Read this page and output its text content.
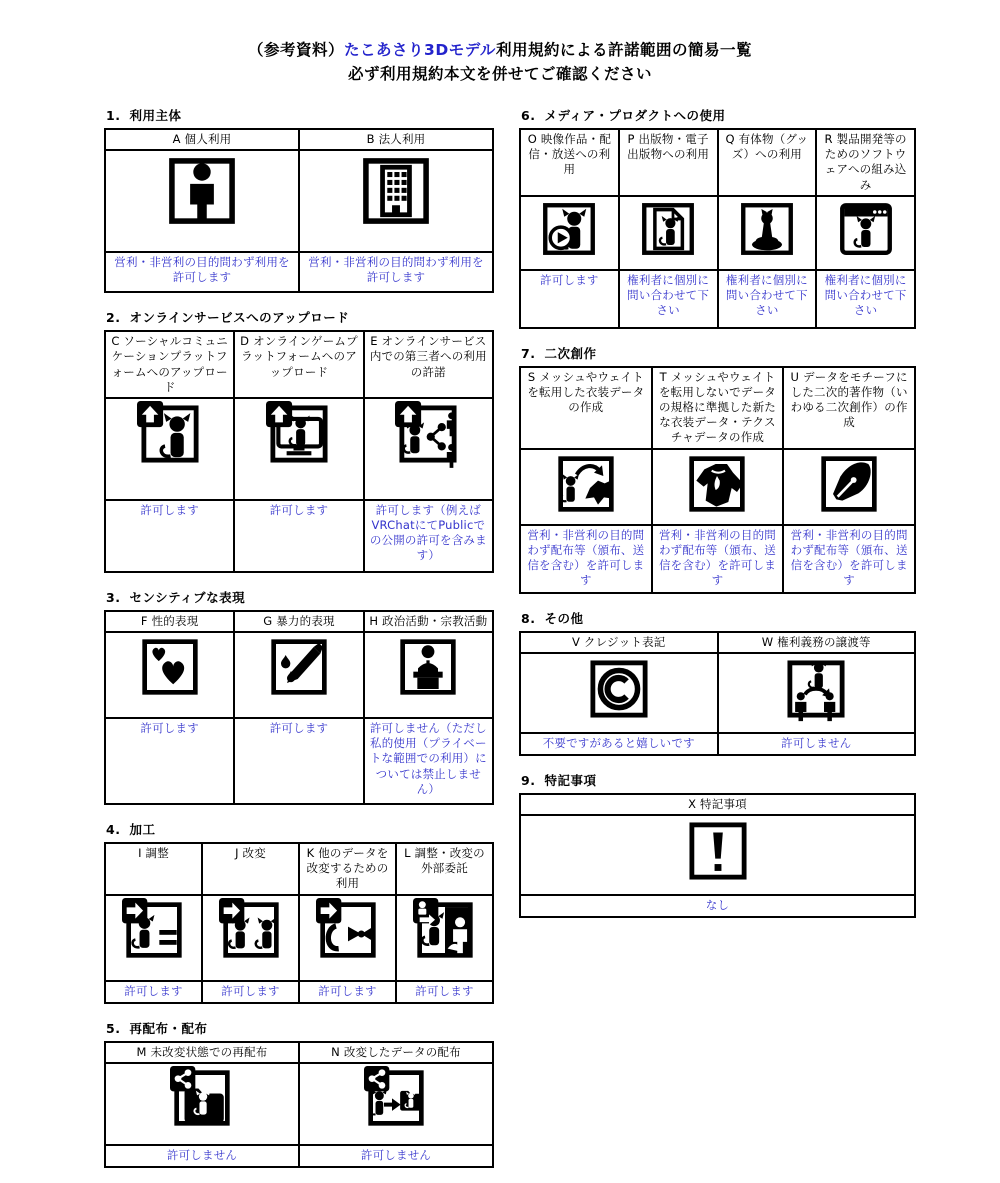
（参考資料）たこあさり3Dモデル利用規約による許諾範囲の簡易一覧
必ず利用規約本文を併せてご確認ください
1. 利用主体
A 個人利用	B 法人利用

営利・非営利の目的問わず利用を許可します	営利・非営利の目的問わず利用を許可します
2. オンラインサービスへのアップロード
C ソーシャルコミュニケーションプラットフォームへのアップロード	D オンラインゲームプラットフォームへのアップロード	E オンラインサービス内での第三者への利用の許諾

許可します	許可します	許可します（例えばVRChatにてPublicでの公開の許可を含みます）
3. センシティブな表現
F 性的表現	G 暴力的表現	H 政治活動・宗教活動

許可します	許可します	許可しません（ただし私的使用（プライベートな範囲での利用）については禁止しません）
4. 加工
I 調整	J 改変	K 他のデータを改変するための利用	L 調整・改変の外部委託

許可します	許可します	許可します	許可します
5. 再配布・配布
M 未改変状態での再配布	N 改変したデータの配布

許可しません	許可しません
6. メディア・プロダクトへの使用
O 映像作品・配信・放送への利用	P 出版物・電子出版物への利用	Q 有体物（グッズ）への利用	R 製品開発等のためのソフトウェアへの組み込み

許可します	権利者に個別に問い合わせて下さい	権利者に個別に問い合わせて下さい	権利者に個別に問い合わせて下さい
7. 二次創作
S メッシュやウェイトを転用した衣装データの作成	T メッシュやウェイトを転用しないでデータの規格に準拠した新たな衣装データ・テクスチャデータの作成	U データをモチーフにした二次的著作物（いわゆる二次創作）の作成

営利・非営利の目的問わず配布等（頒布、送信を含む）を許可します	営利・非営利の目的問わず配布等（頒布、送信を含む）を許可します	営利・非営利の目的問わず配布等（頒布、送信を含む）を許可します
8. その他
V クレジット表記	W 権利義務の譲渡等

不要ですがあると嬉しいです	許可しません
9. 特記事項
X 特記事項

なし
